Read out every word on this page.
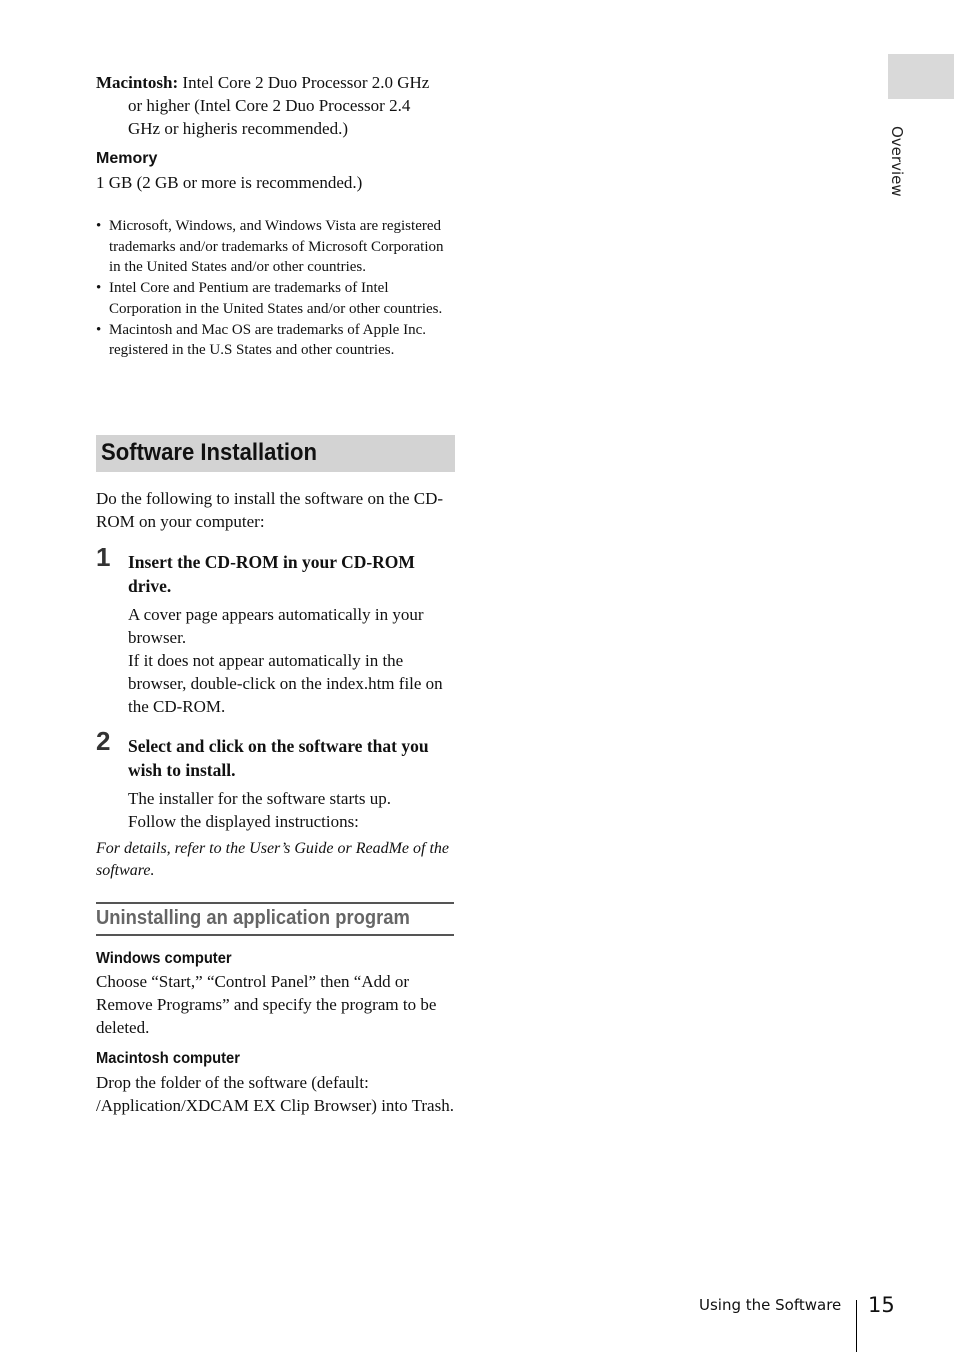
Overview
Macintosh: Intel Core 2 Duo Processor 2.0 GHz
or higher (Intel Core 2 Duo Processor 2.4
GHz or higheris recommended.)
Memory
1 GB (2 GB or more is recommended.)
• Microsoft, Windows, and Windows Vista are registered trademarks and/or trademarks of Microsoft Corporation in the United States and/or other countries.
• Intel Core and Pentium are trademarks of Intel Corporation in the United States and/or other countries.
• Macintosh and Mac OS are trademarks of Apple Inc. registered in the U.S States and other countries.
Software Installation
Do the following to install the software on the CD-ROM on your computer:
1 Insert the CD-ROM in your CD-ROM drive.
A cover page appears automatically in your browser.
If it does not appear automatically in the browser, double-click on the index.htm file on the CD-ROM.
2 Select and click on the software that you wish to install.
The installer for the software starts up.
Follow the displayed instructions:
For details, refer to the User’s Guide or ReadMe of the software.
Uninstalling an application program
Windows computer
Choose “Start,” “Control Panel” then “Add or Remove Programs” and specify the program to be deleted.
Macintosh computer
Drop the folder of the software (default: /Application/XDCAM EX Clip Browser) into Trash.
Using the Software 15
